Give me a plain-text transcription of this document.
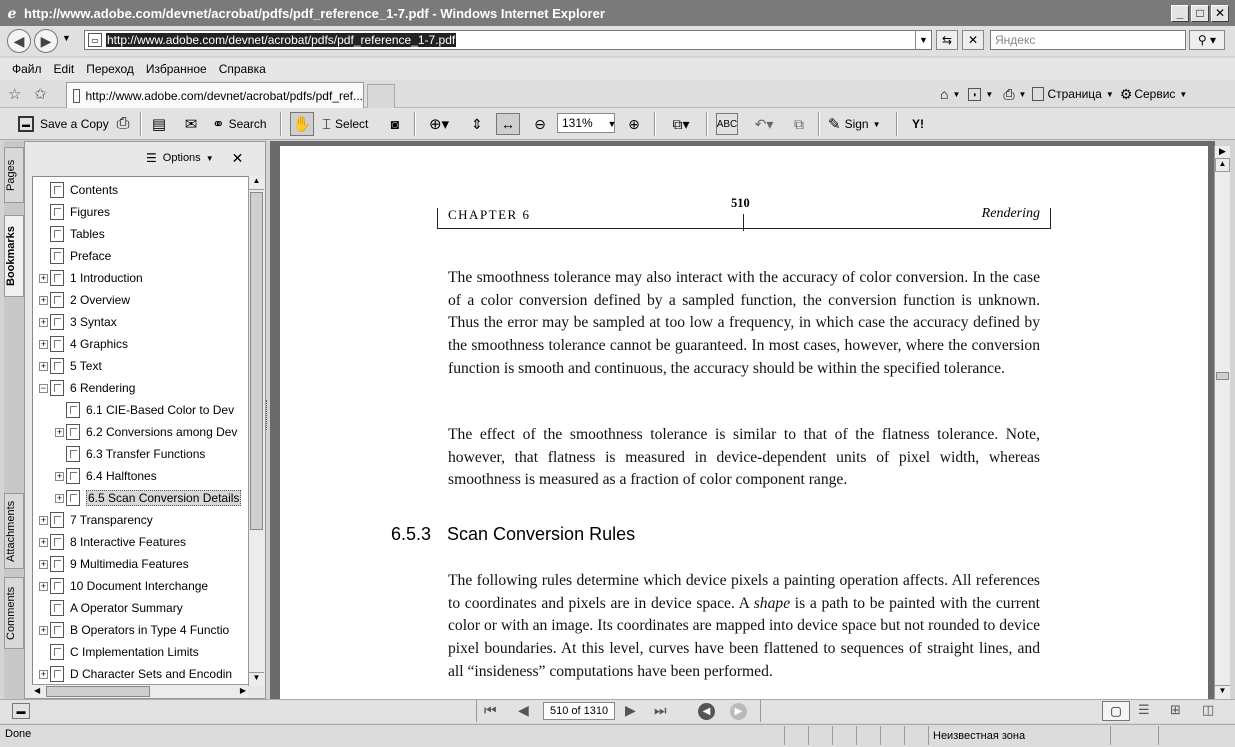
ℯ http://www.adobe.com/devnet/acrobat/pdfs/pdf_reference_1-7.pdf - Windows Internet Explorer	_	□ ✕
◀	▶	▼	▭ http://www.adobe.com/devnet/acrobat/pdfs/pdf_reference_1-7.pdf	▼	⇆	✕	Яндекс	⚲ ▾
Файл Edit Переход Избранное Справка
☆ ✩	http://www.adobe.com/devnet/acrobat/pdfs/pdf_ref...	⌂ ▼	◗	▼ ⎙ ▼ Страница ▼ ⚙ Сервис ▼
▬ Save a Copy ⎙	▤	✉ ⚭ Search ✋ ⌶ Select	◙	⊕▾	⇕	↔	⊖	131% ▼ ⊕	⧉▾	ABC	↶▾	⧉	✎ Sign ▼	Y!
Pages
Bookmarks
Attachments
Comments
☰ Options ▼ ✕
Contents
Figures
Tables
Preface
+ 1 Introduction
+ 2 Overview
+ 3 Syntax
+ 4 Graphics
+ 5 Text
− 6 Rendering
6.1 CIE-Based Color to Dev
+ 6.2 Conversions among Dev
6.3 Transfer Functions
+ 6.4 Halftones
+ 6.5 Scan Conversion Details
+ 7 Transparency
+ 8 Interactive Features
+ 9 Multimedia Features
+ 10 Document Interchange
A Operator Summary
+ B Operators in Type 4 Functio
C Implementation Limits
+ D Character Sets and Encodin
▲
▼
◀	▶
CHAPTER 6
510
Rendering

The smoothness tolerance may also interact with the accuracy of color conversion. In the case of a color conversion defined by a sampled function, the conversion function is unknown. Thus the error may be sampled at too low a frequency, in which case the accuracy defined by the smoothness tolerance cannot be guaranteed. In most cases, however, where the conversion function is smooth and continuous, the accuracy should be within the specified tolerance.

The effect of the smoothness tolerance is similar to that of the flatness tolerance. Note, however, that flatness is measured in device-dependent units of pixel width, whereas smoothness is measured as a fraction of color component range.

6.5.3 Scan Conversion Rules

The following rules determine which device pixels a painting operation affects. All references to coordinates and pixels are in device space. A shape is a path to be painted with the current color or with an image. Its coordinates are mapped into device space but not rounded to device pixel boundaries. At this level, curves have been flattened to sequences of straight lines, and all “insideness” computations have been performed.

▶
▲
▼
▬	⏮ ◀ 510 of 1310 ▶ ⏭	◀	▶	▢	☰ ⊞ ◫
Done	Неизвестная зона
